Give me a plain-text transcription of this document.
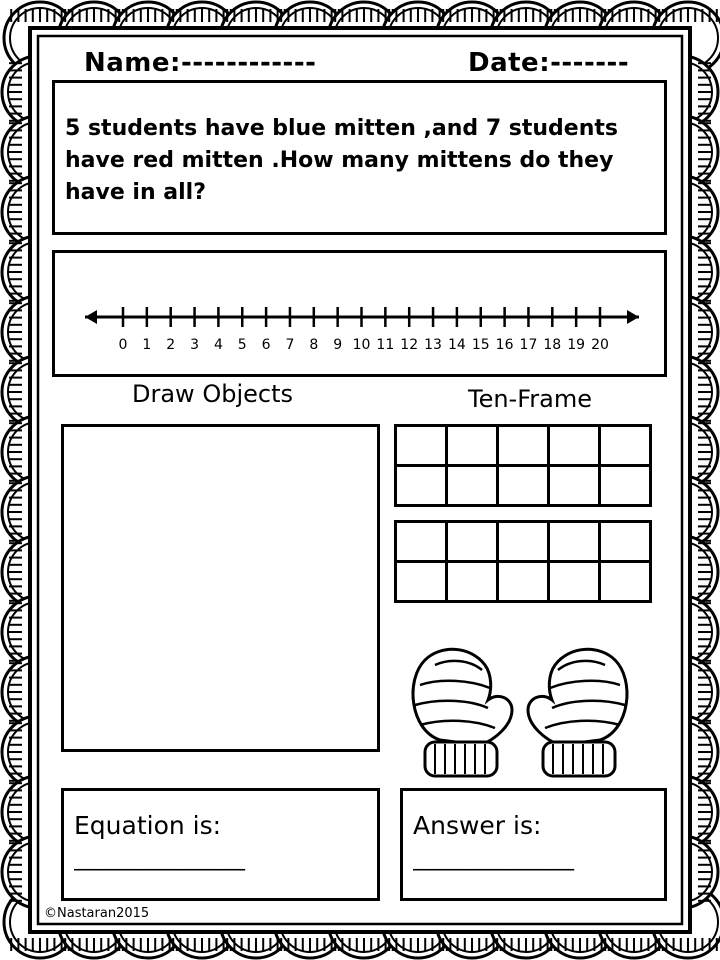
Name:------------	Date:-------
5 students have blue mitten ,and 7 students have red mitten .How many mittens do they have in all?
0 1 2 3 4 5 6 7 8 9 10 11 12 13 14 15 16 17 18 19 20
Draw Objects	Ten-Frame

Equation is:
_________________
Answer is:
________________
©Nastaran2015
